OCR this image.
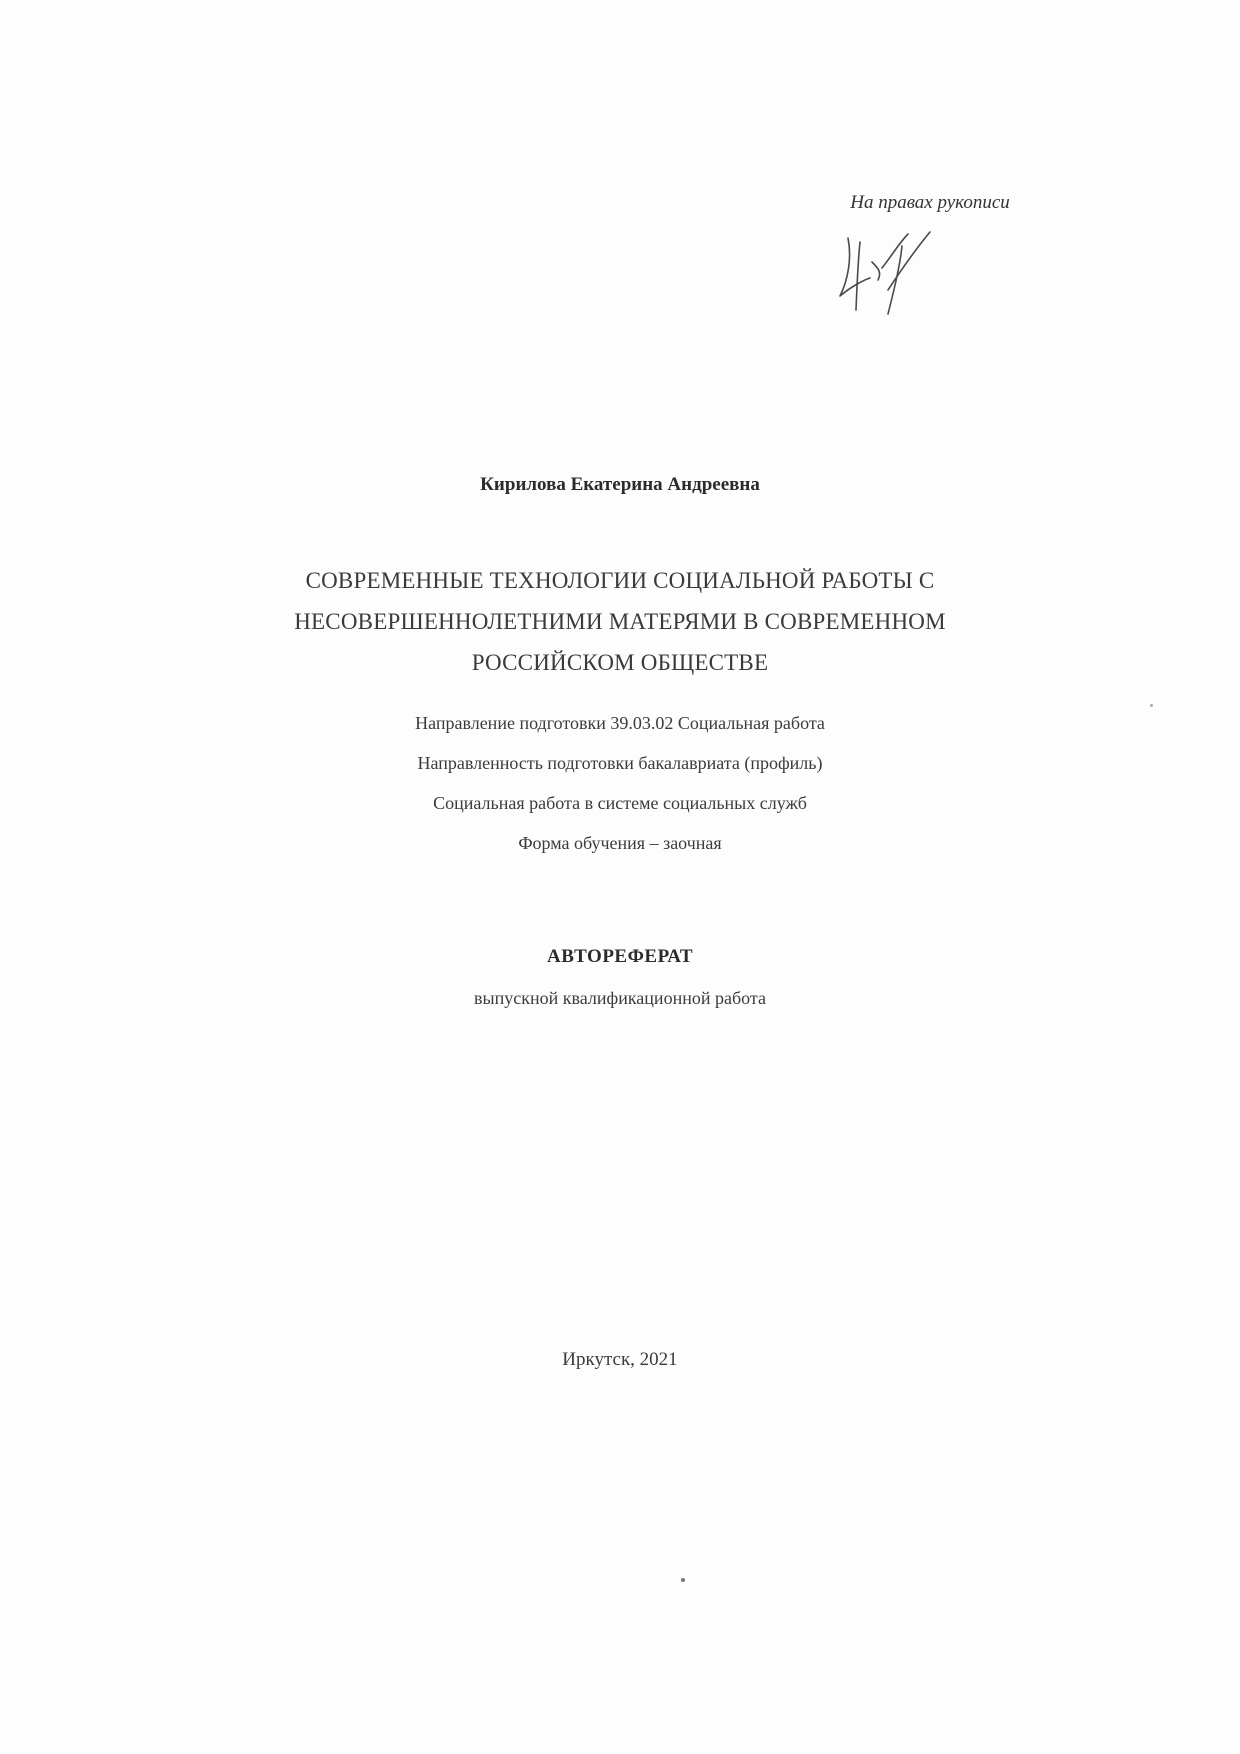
На правах рукописи
Кирилова Екатерина Андреевна
СОВРЕМЕННЫЕ ТЕХНОЛОГИИ СОЦИАЛЬНОЙ РАБОТЫ С
НЕСОВЕРШЕННОЛЕТНИМИ МАТЕРЯМИ В СОВРЕМЕННОМ
РОССИЙСКОМ ОБЩЕСТВЕ
Направление подготовки 39.03.02 Социальная работа
Направленность подготовки бакалавриата (профиль)
Социальная работа в системе социальных служб
Форма обучения – заочная
АВТОРЕФЕРАТ
выпускной квалификационной работа
Иркутск, 2021
